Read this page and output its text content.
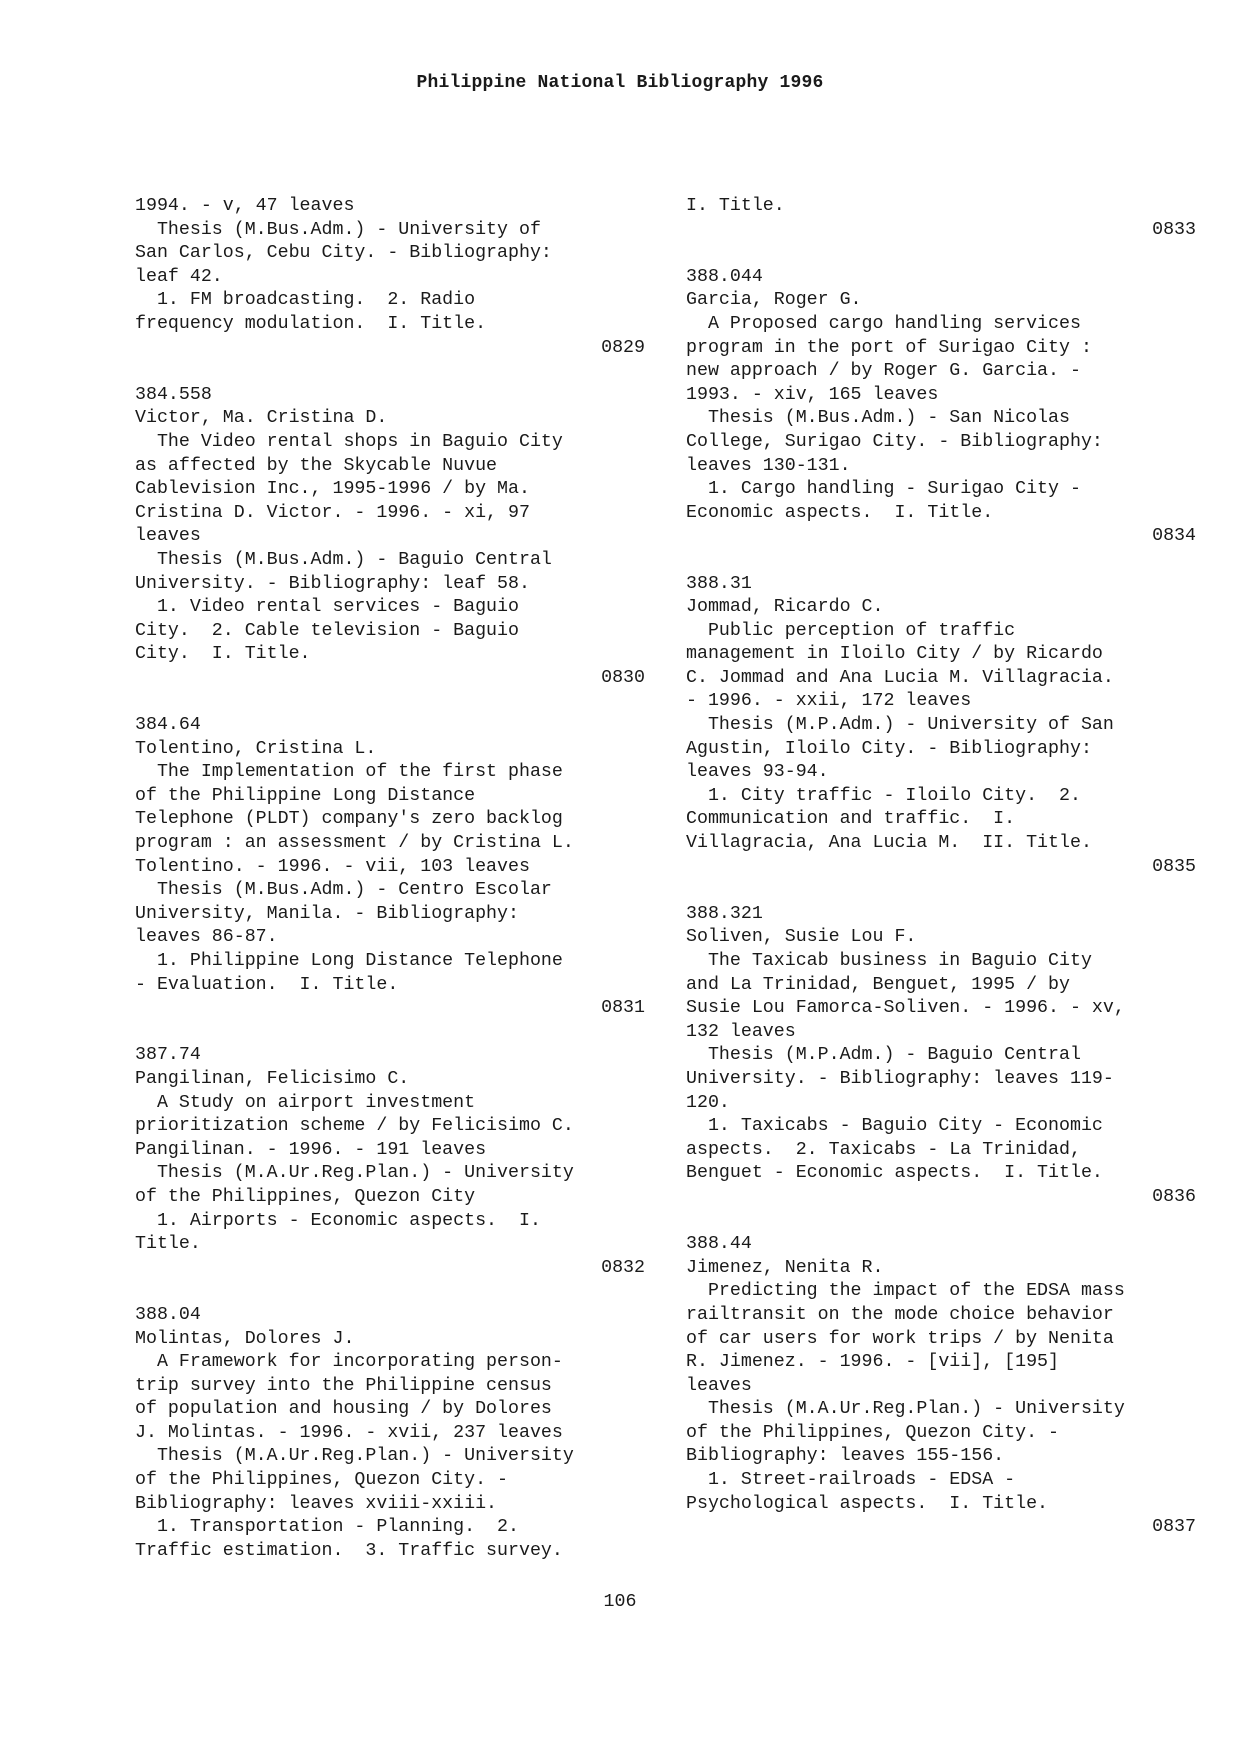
Philippine National Bibliography 1996
1994. - v, 47 leaves
Thesis (M.Bus.Adm.) - University of
San Carlos, Cebu City. - Bibliography:
leaf 42.
1. FM broadcasting.  2. Radio
frequency modulation.  I. Title.
0829
384.558
Victor, Ma. Cristina D.
The Video rental shops in Baguio City
as affected by the Skycable Nuvue
Cablevision Inc., 1995-1996 / by Ma.
Cristina D. Victor. - 1996. - xi, 97
leaves
Thesis (M.Bus.Adm.) - Baguio Central
University. - Bibliography: leaf 58.
1. Video rental services - Baguio
City.  2. Cable television - Baguio
City.  I. Title.
0830
384.64
Tolentino, Cristina L.
The Implementation of the first phase
of the Philippine Long Distance
Telephone (PLDT) company's zero backlog
program : an assessment / by Cristina L.
Tolentino. - 1996. - vii, 103 leaves
Thesis (M.Bus.Adm.) - Centro Escolar
University, Manila. - Bibliography:
leaves 86-87.
1. Philippine Long Distance Telephone
- Evaluation.  I. Title.
0831
387.74
Pangilinan, Felicisimo C.
A Study on airport investment
prioritization scheme / by Felicisimo C.
Pangilinan. - 1996. - 191 leaves
Thesis (M.A.Ur.Reg.Plan.) - University
of the Philippines, Quezon City
1. Airports - Economic aspects.  I.
Title.
0832
388.04
Molintas, Dolores J.
A Framework for incorporating person-
trip survey into the Philippine census
of population and housing / by Dolores
J. Molintas. - 1996. - xvii, 237 leaves
Thesis (M.A.Ur.Reg.Plan.) - University
of the Philippines, Quezon City. -
Bibliography: leaves xviii-xxiii.
1. Transportation - Planning.  2.
Traffic estimation.  3. Traffic survey.
I. Title.
0833
388.044
Garcia, Roger G.
A Proposed cargo handling services
program in the port of Surigao City :
new approach / by Roger G. Garcia. -
1993. - xiv, 165 leaves
Thesis (M.Bus.Adm.) - San Nicolas
College, Surigao City. - Bibliography:
leaves 130-131.
1. Cargo handling - Surigao City -
Economic aspects.  I. Title.
0834
388.31
Jommad, Ricardo C.
Public perception of traffic
management in Iloilo City / by Ricardo
C. Jommad and Ana Lucia M. Villagracia.
- 1996. - xxii, 172 leaves
Thesis (M.P.Adm.) - University of San
Agustin, Iloilo City. - Bibliography:
leaves 93-94.
1. City traffic - Iloilo City.  2.
Communication and traffic.  I.
Villagracia, Ana Lucia M.  II. Title.
0835
388.321
Soliven, Susie Lou F.
The Taxicab business in Baguio City
and La Trinidad, Benguet, 1995 / by
Susie Lou Famorca-Soliven. - 1996. - xv,
132 leaves
Thesis (M.P.Adm.) - Baguio Central
University. - Bibliography: leaves 119-
120.
1. Taxicabs - Baguio City - Economic
aspects.  2. Taxicabs - La Trinidad,
Benguet - Economic aspects.  I. Title.
0836
388.44
Jimenez, Nenita R.
Predicting the impact of the EDSA mass
railtransit on the mode choice behavior
of car users for work trips / by Nenita
R. Jimenez. - 1996. - [vii], [195]
leaves
Thesis (M.A.Ur.Reg.Plan.) - University
of the Philippines, Quezon City. -
Bibliography: leaves 155-156.
1. Street-railroads - EDSA -
Psychological aspects.  I. Title.
0837
106
